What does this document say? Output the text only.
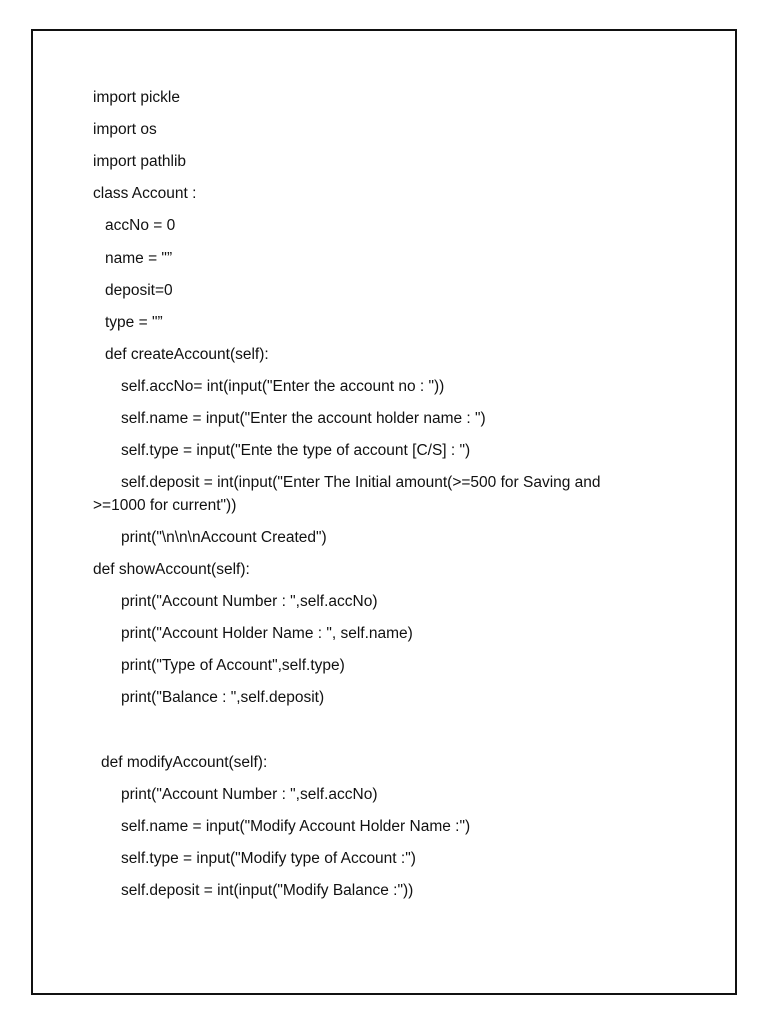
import pickle
import os
import pathlib
class Account :
accNo = 0
name = "”
deposit=0
type = "”
def createAccount(self):
self.accNo= int(input("Enter the account no : "))
self.name = input("Enter the account holder name : ")
self.type = input("Ente the type of account [C/S] : ")
self.deposit = int(input("Enter The Initial amount(>=500 for Saving and
>=1000 for current"))
print("\n\n\nAccount Created")
def showAccount(self):
print("Account Number : ",self.accNo)
print("Account Holder Name : ", self.name)
print("Type of Account",self.type)
print("Balance : ",self.deposit)
def modifyAccount(self):
print("Account Number : ",self.accNo)
self.name = input("Modify Account Holder Name :")
self.type = input("Modify type of Account :")
self.deposit = int(input("Modify Balance :"))
